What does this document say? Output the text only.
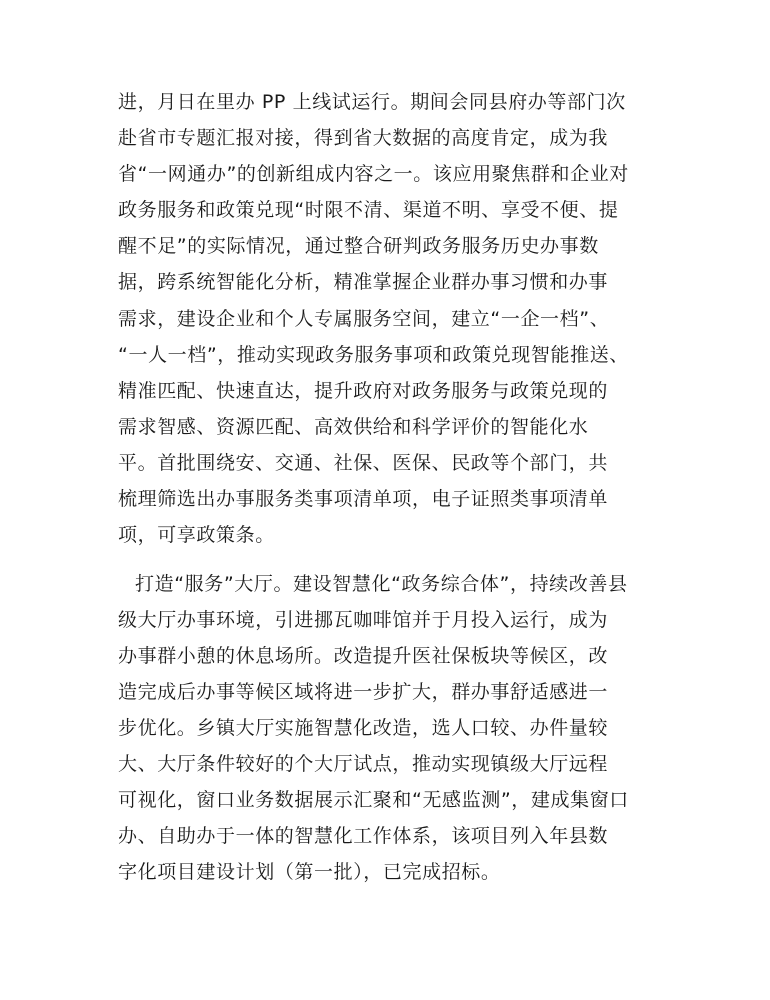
进，月日在里办 PP 上线试运行。期间会同县府办等部门次
赴省市专题汇报对接，得到省大数据的高度肯定，成为我
省“一网通办”的创新组成内容之一。该应用聚焦群和企业对
政务服务和政策兑现“时限不清、渠道不明、享受不便、提
醒不足”的实际情况，通过整合研判政务服务历史办事数
据，跨系统智能化分析，精准掌握企业群办事习惯和办事
需求，建设企业和个人专属服务空间，建立“一企一档”、
“一人一档”，推动实现政务服务事项和政策兑现智能推送、
精准匹配、快速直达，提升政府对政务服务与政策兑现的
需求智感、资源匹配、高效供给和科学评价的智能化水
平。首批围绕安、交通、社保、医保、民政等个部门，共
梳理筛选出办事服务类事项清单项，电子证照类事项清单
项，可享政策条。
打造“服务”大厅。建设智慧化“政务综合体”，持续改善县
级大厅办事环境，引进挪瓦咖啡馆并于月投入运行，成为
办事群小憩的休息场所。改造提升医社保板块等候区，改
造完成后办事等候区域将进一步扩大，群办事舒适感进一
步优化。乡镇大厅实施智慧化改造，选人口较、办件量较
大、大厅条件较好的个大厅试点，推动实现镇级大厅远程
可视化，窗口业务数据展示汇聚和“无感监测”，建成集窗口
办、自助办于一体的智慧化工作体系，该项目列入年县数
字化项目建设计划（第一批），已完成招标。
